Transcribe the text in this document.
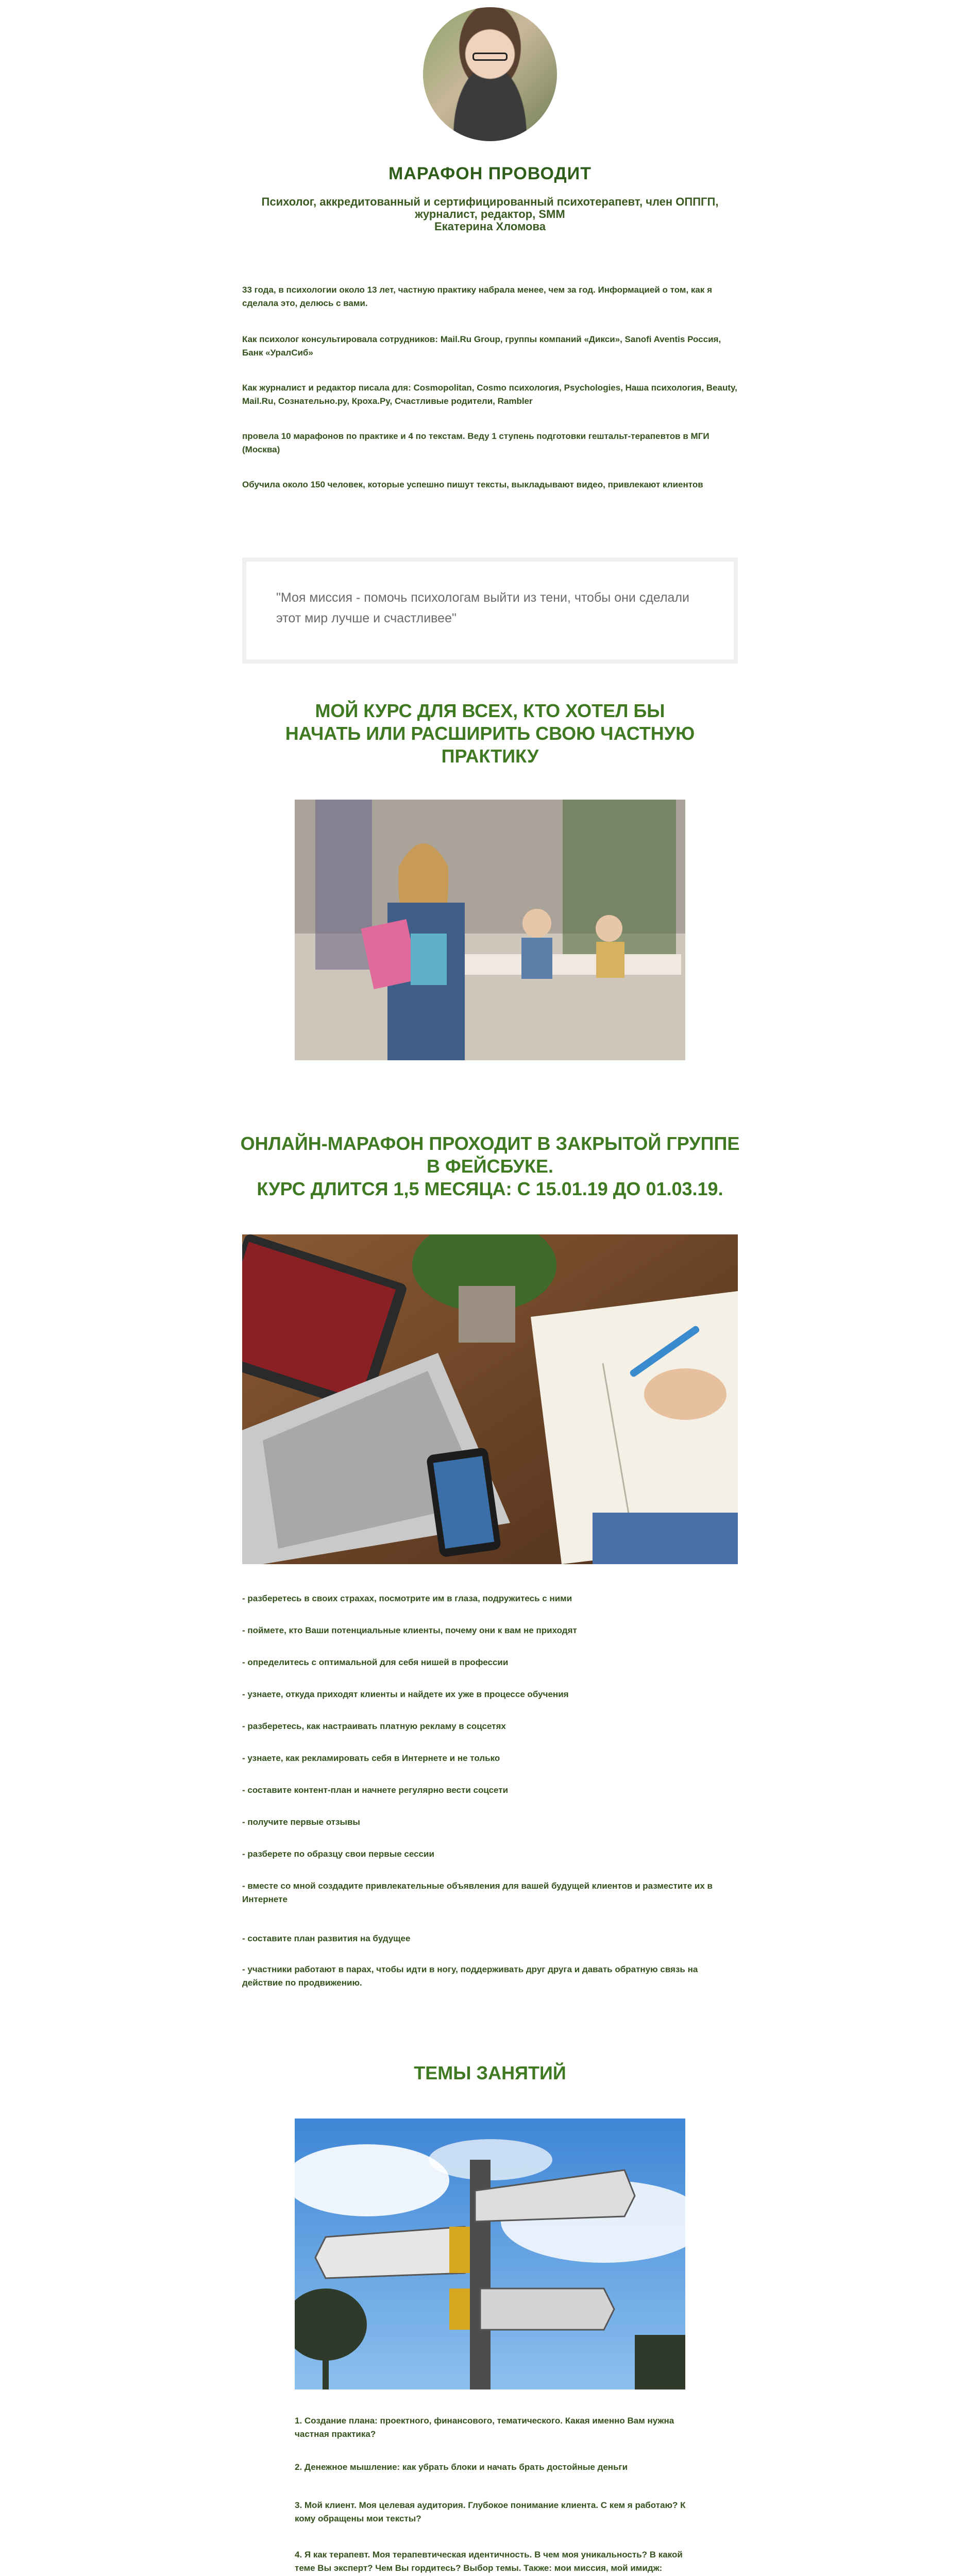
МАРАФОН ПРОВОДИТ
Психолог, аккредитованный и сертифицированный психотерапевт, член ОППГП,
журналист, редактор, SMM
Екатерина Хломова

33 года, в психологии около 13 лет, частную практику набрала менее, чем за год. Информацией о том, как я сделала это, делюсь с вами.

Как психолог консультировала сотрудников: Mail.Ru Group, группы компаний «Дикси», Sanofi Aventis Россия, Банк «УралСиб»

Как журналист и редактор писала для: Cosmopolitan, Cosmo психология, Psychologies, Наша психология, Beauty, Mail.Ru, Сознательно.ру, Кроха.Ру, Счастливые родители, Rambler

провела 10 марафонов по практике и 4 по текстам. Веду 1 ступень подготовки гештальт-терапевтов в МГИ (Москва)

Обучила около 150 человек, которые успешно пишут тексты, выкладывают видео, привлекают клиентов

"Моя миссия - помочь психологам выйти из тени, чтобы они сделали этот мир лучше и счастливее"
МОЙ КУРС ДЛЯ ВСЕХ, КТО ХОТЕЛ БЫ
НАЧАТЬ ИЛИ РАСШИРИТЬ СВОЮ ЧАСТНУЮ
ПРАКТИКУ
ОНЛАЙН-МАРАФОН ПРОХОДИТ В ЗАКРЫТОЙ ГРУППЕ
В ФЕЙСБУКЕ.
КУРС ДЛИТСЯ 1,5 МЕСЯЦА: С 15.01.19 ДО 01.03.19.

- разберетесь в своих страхах, посмотрите им в глаза, подружитесь с ними

- поймете, кто Ваши потенциальные клиенты, почему они к вам не приходят

- определитесь с оптимальной для себя нишей в профессии

- узнаете, откуда приходят клиенты и найдете их уже в процессе обучения

- разберетесь, как настраивать платную рекламу в соцсетях

- узнаете, как рекламировать себя в Интернете и не только

- составите контент-план и начнете регулярно вести соцсети

- получите первые отзывы

- разберете по образцу свои первые сессии

- вместе со мной создадите привлекательные объявления для вашей будущей клиентов и разместите их в Интернете

- составите план развития на будущее

- участники работают в парах, чтобы идти в ногу, поддерживать друг друга и давать обратную связь на действие по продвижению.

ТЕМЫ ЗАНЯТИЙ

1. Создание плана: проектного, финансового, тематического. Какая именно Вам нужна частная практика?

2. Денежное мышление: как убрать блоки и начать брать достойные деньги

3. Мой клиент. Моя целевая аудитория. Глубокое понимание клиента. С кем я работаю? К кому обращены мои тексты?

4. Я как терапевт. Моя терапевтическая идентичность. В чем моя уникальность? В какой теме Вы эксперт? Чем Вы гордитесь? Выбор темы. Также: мои миссия, мой имидж:
